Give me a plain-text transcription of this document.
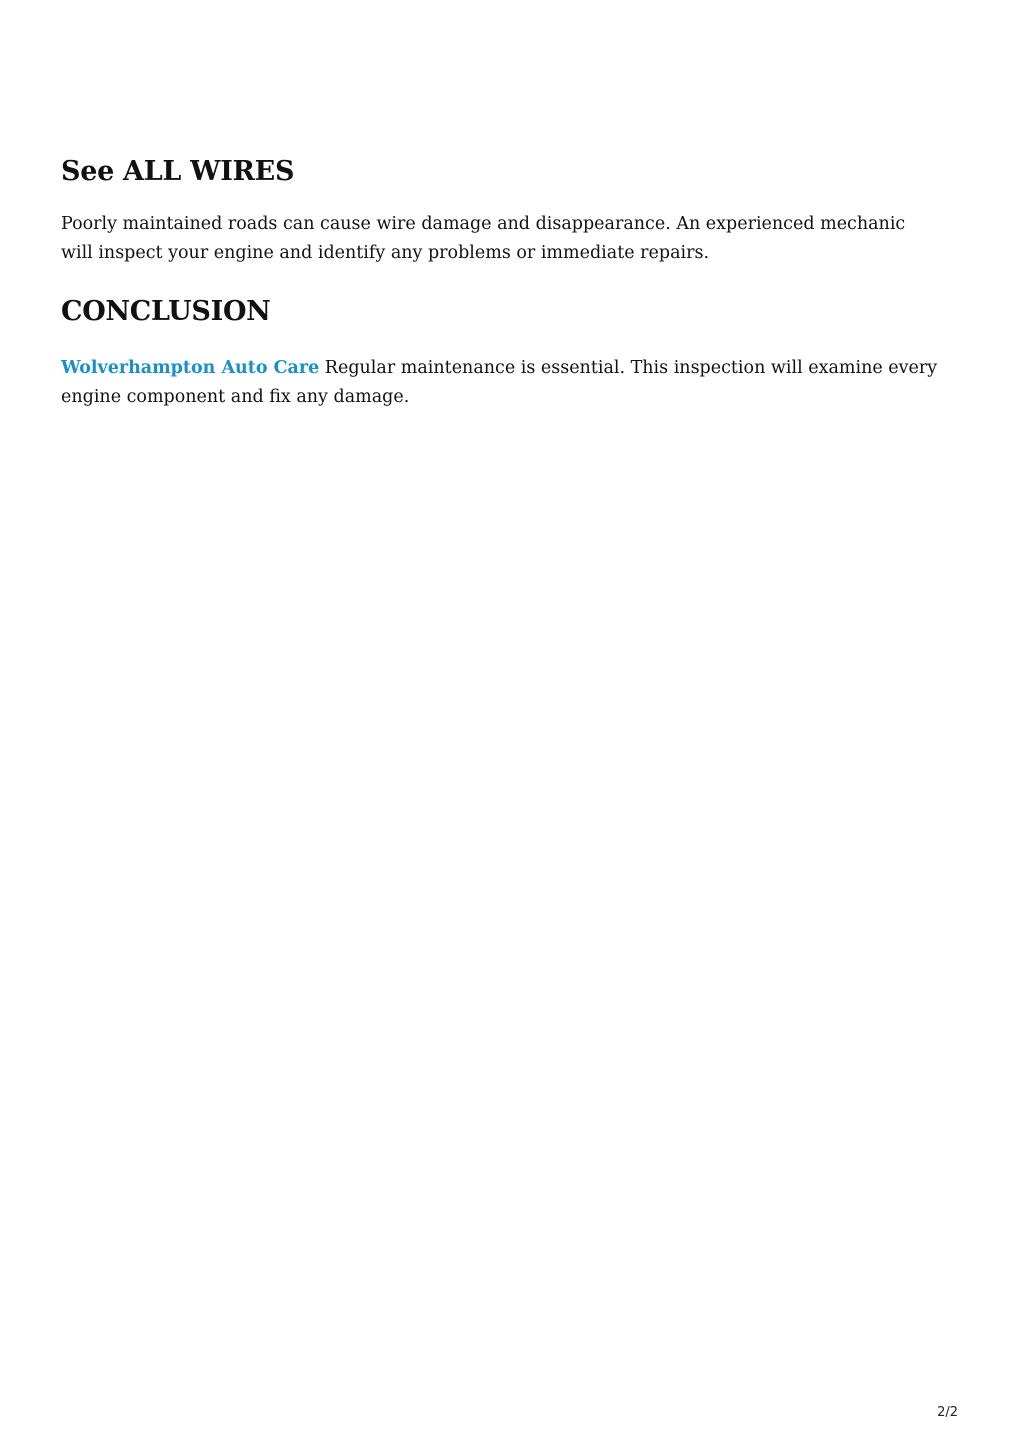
See ALL WIRES

Poorly maintained roads can cause wire damage and disappearance. An experienced mechanic will inspect your engine and identify any problems or immediate repairs.

CONCLUSION

Wolverhampton Auto Care Regular maintenance is essential. This inspection will examine every engine component and fix any damage.

2/2
